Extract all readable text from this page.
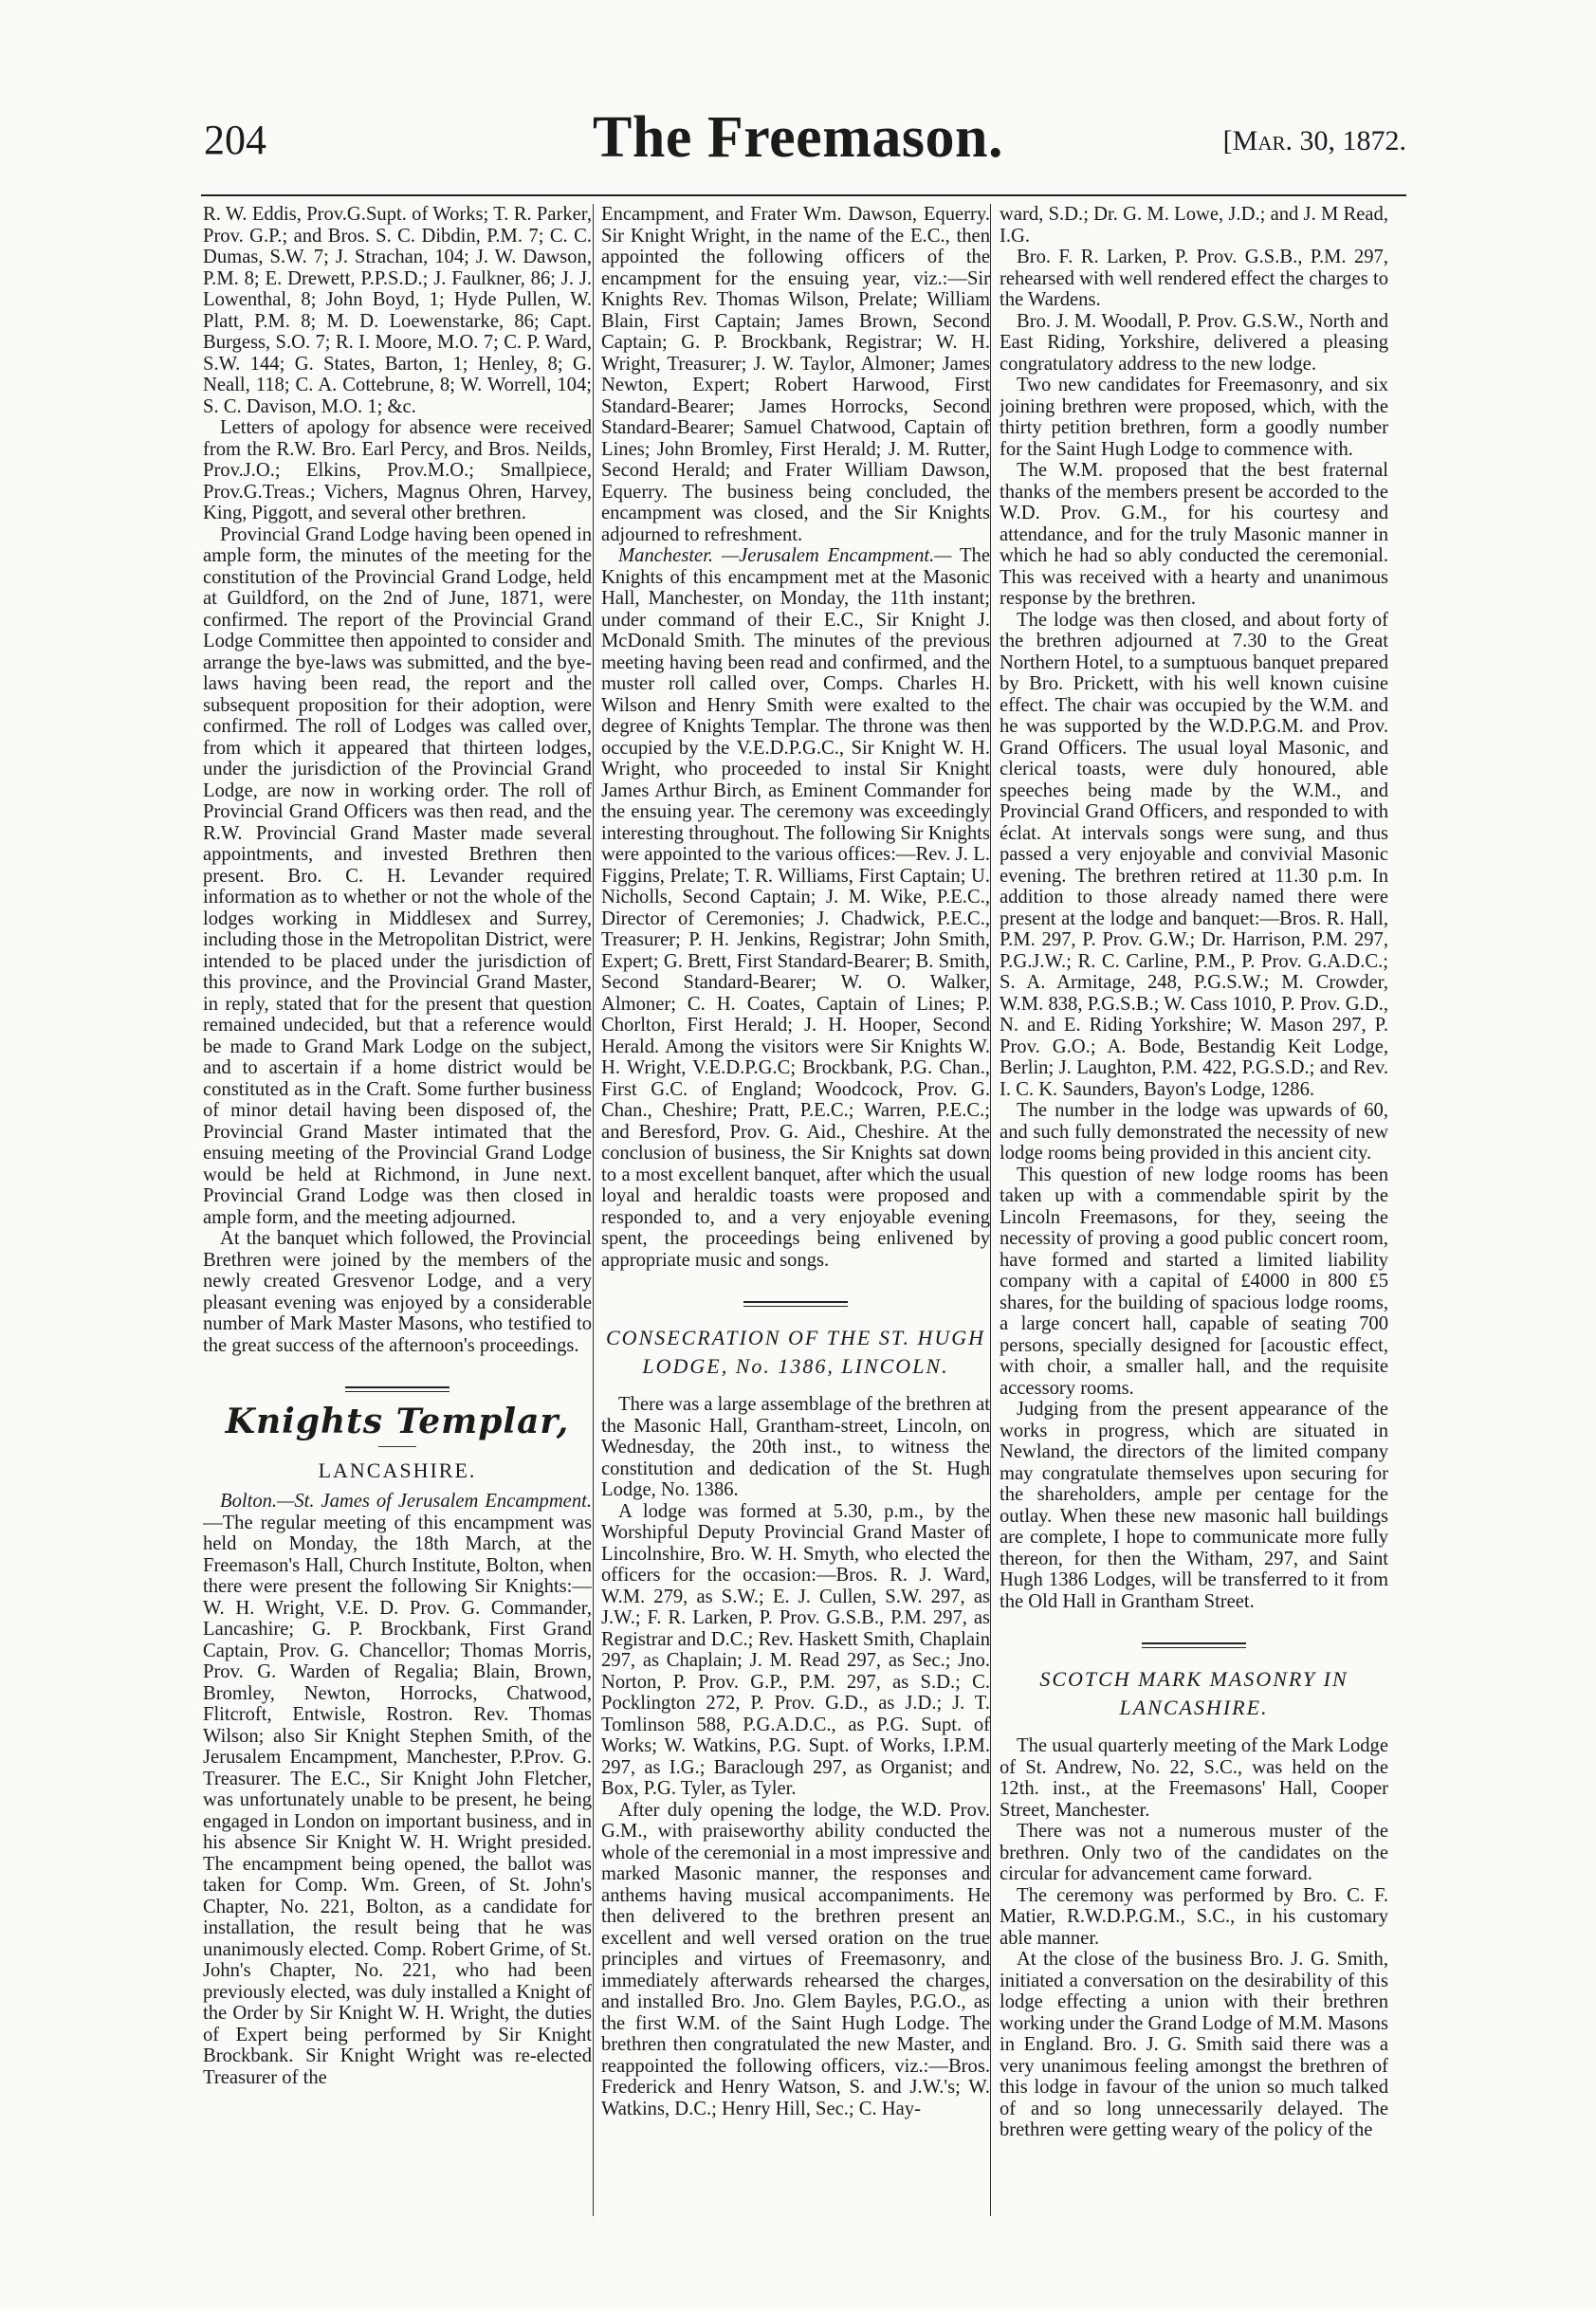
204	The Freemason.	[Mar. 30, 1872.

R. W. Eddis, Prov.G.Supt. of Works; T. R. Parker, Prov. G.P.; and Bros. S. C. Dibdin, P.M. 7; C. C. Dumas, S.W. 7; J. Strachan, 104; J. W. Dawson, P.M. 8; E. Drewett, P.P.S.D.; J. Faulkner, 86; J. J. Lowenthal, 8; John Boyd, 1; Hyde Pullen, W. Platt, P.M. 8; M. D. Loewenstarke, 86; Capt. Burgess, S.O. 7; R. I. Moore, M.O. 7; C. P. Ward, S.W. 144; G. States, Barton, 1; Henley, 8; G. Neall, 118; C. A. Cottebrune, 8; W. Worrell, 104; S. C. Davison, M.O. 1; &c.

Letters of apology for absence were received from the R.W. Bro. Earl Percy, and Bros. Neilds, Prov.J.O.; Elkins, Prov.M.O.; Smallpiece, Prov.G.Treas.; Vichers, Magnus Ohren, Harvey, King, Piggott, and several other brethren.

Provincial Grand Lodge having been opened in ample form, the minutes of the meeting for the constitution of the Provincial Grand Lodge, held at Guildford, on the 2nd of June, 1871, were confirmed. The report of the Provincial Grand Lodge Committee then appointed to consider and arrange the bye-laws was submitted, and the bye-laws having been read, the report and the subsequent proposition for their adoption, were confirmed. The roll of Lodges was called over, from which it appeared that thirteen lodges, under the jurisdiction of the Provincial Grand Lodge, are now in working order. The roll of Provincial Grand Officers was then read, and the R.W. Provincial Grand Master made several appointments, and invested Brethren then present. Bro. C. H. Levander required information as to whether or not the whole of the lodges working in Middlesex and Surrey, including those in the Metropolitan District, were intended to be placed under the jurisdiction of this province, and the Provincial Grand Master, in reply, stated that for the present that question remained undecided, but that a reference would be made to Grand Mark Lodge on the subject, and to ascertain if a home district would be constituted as in the Craft. Some further business of minor detail having been disposed of, the Provincial Grand Master intimated that the ensuing meeting of the Provincial Grand Lodge would be held at Richmond, in June next. Provincial Grand Lodge was then closed in ample form, and the meeting adjourned.

At the banquet which followed, the Provincial Brethren were joined by the members of the newly created Gresvenor Lodge, and a very pleasant evening was enjoyed by a considerable number of Mark Master Masons, who testified to the great success of the afternoon's proceedings.

Knights Templar,
LANCASHIRE.

Bolton.—St. James of Jerusalem Encampment.—The regular meeting of this encampment was held on Monday, the 18th March, at the Freemason's Hall, Church Institute, Bolton, when there were present the following Sir Knights:—W. H. Wright, V.E. D. Prov. G. Commander, Lancashire; G. P. Brockbank, First Grand Captain, Prov. G. Chancellor; Thomas Morris, Prov. G. Warden of Regalia; Blain, Brown, Bromley, Newton, Horrocks, Chatwood, Flitcroft, Entwisle, Rostron. Rev. Thomas Wilson; also Sir Knight Stephen Smith, of the Jerusalem Encampment, Manchester, P.Prov. G. Treasurer. The E.C., Sir Knight John Fletcher, was unfortunately unable to be present, he being engaged in London on important business, and in his absence Sir Knight W. H. Wright presided. The encampment being opened, the ballot was taken for Comp. Wm. Green, of St. John's Chapter, No. 221, Bolton, as a candidate for installation, the result being that he was unanimously elected. Comp. Robert Grime, of St. John's Chapter, No. 221, who had been previously elected, was duly installed a Knight of the Order by Sir Knight W. H. Wright, the duties of Expert being performed by Sir Knight Brockbank. Sir Knight Wright was re-elected Treasurer of the

Encampment, and Frater Wm. Dawson, Equerry. Sir Knight Wright, in the name of the E.C., then appointed the following officers of the encampment for the ensuing year, viz.:—Sir Knights Rev. Thomas Wilson, Prelate; William Blain, First Captain; James Brown, Second Captain; G. P. Brockbank, Registrar; W. H. Wright, Treasurer; J. W. Taylor, Almoner; James Newton, Expert; Robert Harwood, First Standard-Bearer; James Horrocks, Second Standard-Bearer; Samuel Chatwood, Captain of Lines; John Bromley, First Herald; J. M. Rutter, Second Herald; and Frater William Dawson, Equerry. The business being concluded, the encampment was closed, and the Sir Knights adjourned to refreshment.

Manchester. —Jerusalem Encampment.— The Knights of this encampment met at the Masonic Hall, Manchester, on Monday, the 11th instant; under command of their E.C., Sir Knight J. McDonald Smith. The minutes of the previous meeting having been read and confirmed, and the muster roll called over, Comps. Charles H. Wilson and Henry Smith were exalted to the degree of Knights Templar. The throne was then occupied by the V.E.D.P.G.C., Sir Knight W. H. Wright, who proceeded to instal Sir Knight James Arthur Birch, as Eminent Commander for the ensuing year. The ceremony was exceedingly interesting throughout. The following Sir Knights were appointed to the various offices:—Rev. J. L. Figgins, Prelate; T. R. Williams, First Captain; U. Nicholls, Second Captain; J. M. Wike, P.E.C., Director of Ceremonies; J. Chadwick, P.E.C., Treasurer; P. H. Jenkins, Registrar; John Smith, Expert; G. Brett, First Standard-Bearer; B. Smith, Second Standard-Bearer; W. O. Walker, Almoner; C. H. Coates, Captain of Lines; P. Chorlton, First Herald; J. H. Hooper, Second Herald. Among the visitors were Sir Knights W. H. Wright, V.E.D.P.G.C; Brockbank, P.G. Chan., First G.C. of England; Woodcock, Prov. G. Chan., Cheshire; Pratt, P.E.C.; Warren, P.E.C.; and Beresford, Prov. G. Aid., Cheshire. At the conclusion of business, the Sir Knights sat down to a most excellent banquet, after which the usual loyal and heraldic toasts were proposed and responded to, and a very enjoyable evening spent, the proceedings being enlivened by appropriate music and songs.

CONSECRATION OF THE ST. HUGH
LODGE, No. 1386, LINCOLN.

There was a large assemblage of the brethren at the Masonic Hall, Grantham-street, Lincoln, on Wednesday, the 20th inst., to witness the constitution and dedication of the St. Hugh Lodge, No. 1386.

A lodge was formed at 5.30, p.m., by the Worshipful Deputy Provincial Grand Master of Lincolnshire, Bro. W. H. Smyth, who elected the officers for the occasion:—Bros. R. J. Ward, W.M. 279, as S.W.; E. J. Cullen, S.W. 297, as J.W.; F. R. Larken, P. Prov. G.S.B., P.M. 297, as Registrar and D.C.; Rev. Haskett Smith, Chaplain 297, as Chaplain; J. M. Read 297, as Sec.; Jno. Norton, P. Prov. G.P., P.M. 297, as S.D.; C. Pocklington 272, P. Prov. G.D., as J.D.; J. T. Tomlinson 588, P.G.A.D.C., as P.G. Supt. of Works; W. Watkins, P.G. Supt. of Works, I.P.M. 297, as I.G.; Baraclough 297, as Organist; and Box, P.G. Tyler, as Tyler.

After duly opening the lodge, the W.D. Prov. G.M., with praiseworthy ability conducted the whole of the ceremonial in a most impressive and marked Masonic manner, the responses and anthems having musical accompaniments. He then delivered to the brethren present an excellent and well versed oration on the true principles and virtues of Freemasonry, and immediately afterwards rehearsed the charges, and installed Bro. Jno. Glem Bayles, P.G.O., as the first W.M. of the Saint Hugh Lodge. The brethren then congratulated the new Master, and reappointed the following officers, viz.:—Bros. Frederick and Henry Watson, S. and J.W.'s; W. Watkins, D.C.; Henry Hill, Sec.; C. Hay-

ward, S.D.; Dr. G. M. Lowe, J.D.; and J. M Read, I.G.

Bro. F. R. Larken, P. Prov. G.S.B., P.M. 297, rehearsed with well rendered effect the charges to the Wardens.

Bro. J. M. Woodall, P. Prov. G.S.W., North and East Riding, Yorkshire, delivered a pleasing congratulatory address to the new lodge.

Two new candidates for Freemasonry, and six joining brethren were proposed, which, with the thirty petition brethren, form a goodly number for the Saint Hugh Lodge to commence with.

The W.M. proposed that the best fraternal thanks of the members present be accorded to the W.D. Prov. G.M., for his courtesy and attendance, and for the truly Masonic manner in which he had so ably conducted the ceremonial. This was received with a hearty and unanimous response by the brethren.

The lodge was then closed, and about forty of the brethren adjourned at 7.30 to the Great Northern Hotel, to a sumptuous banquet prepared by Bro. Prickett, with his well known cuisine effect. The chair was occupied by the W.M. and he was supported by the W.D.P.G.M. and Prov. Grand Officers. The usual loyal Masonic, and clerical toasts, were duly honoured, able speeches being made by the W.M., and Provincial Grand Officers, and responded to with éclat. At intervals songs were sung, and thus passed a very enjoyable and convivial Masonic evening. The brethren retired at 11.30 p.m. In addition to those already named there were present at the lodge and banquet:—Bros. R. Hall, P.M. 297, P. Prov. G.W.; Dr. Harrison, P.M. 297, P.G.J.W.; R. C. Carline, P.M., P. Prov. G.A.D.C.; S. A. Armitage, 248, P.G.S.W.; M. Crowder, W.M. 838, P.G.S.B.; W. Cass 1010, P. Prov. G.D., N. and E. Riding Yorkshire; W. Mason 297, P. Prov. G.O.; A. Bode, Bestandig Keit Lodge, Berlin; J. Laughton, P.M. 422, P.G.S.D.; and Rev. I. C. K. Saunders, Bayon's Lodge, 1286.

The number in the lodge was upwards of 60, and such fully demonstrated the necessity of new lodge rooms being provided in this ancient city.

This question of new lodge rooms has been taken up with a commendable spirit by the Lincoln Freemasons, for they, seeing the necessity of proving a good public concert room, have formed and started a limited liability company with a capital of £4000 in 800 £5 shares, for the building of spacious lodge rooms, a large concert hall, capable of seating 700 persons, specially designed for [acoustic effect, with choir, a smaller hall, and the requisite accessory rooms.

Judging from the present appearance of the works in progress, which are situated in Newland, the directors of the limited company may congratulate themselves upon securing for the shareholders, ample per centage for the outlay. When these new masonic hall buildings are complete, I hope to communicate more fully thereon, for then the Witham, 297, and Saint Hugh 1386 Lodges, will be transferred to it from the Old Hall in Grantham Street.

SCOTCH MARK MASONRY IN
LANCASHIRE.

The usual quarterly meeting of the Mark Lodge of St. Andrew, No. 22, S.C., was held on the 12th. inst., at the Freemasons' Hall, Cooper Street, Manchester.

There was not a numerous muster of the brethren. Only two of the candidates on the circular for advancement came forward.

The ceremony was performed by Bro. C. F. Matier, R.W.D.P.G.M., S.C., in his customary able manner.

At the close of the business Bro. J. G. Smith, initiated a conversation on the desirability of this lodge effecting a union with their brethren working under the Grand Lodge of M.M. Masons in England. Bro. J. G. Smith said there was a very unanimous feeling amongst the brethren of this lodge in favour of the union so much talked of and so long unnecessarily delayed. The brethren were getting weary of the policy of the
